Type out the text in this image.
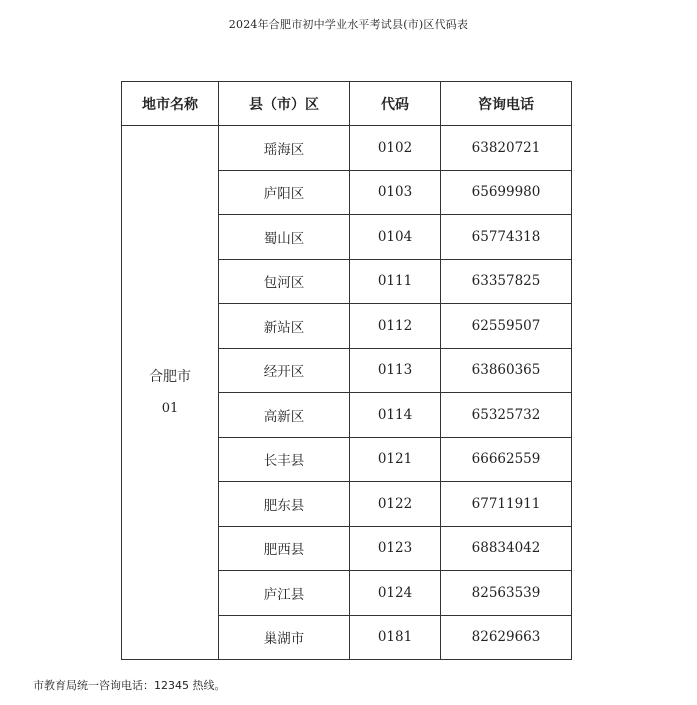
2024年合肥市初中学业水平考试县(市)区代码表
地市名称	县（市）区	代码	咨询电话

合肥市
01	瑶海区	0102	63820721
	庐阳区	0103	65699980
	蜀山区	0104	65774318
	包河区	0111	63357825
	新站区	0112	62559507
	经开区	0113	63860365
	高新区	0114	65325732
	长丰县	0121	66662559
	肥东县	0122	67711911
	肥西县	0123	68834042
	庐江县	0124	82563539
	巢湖市	0181	82629663
市教育局统一咨询电话：12345 热线。
